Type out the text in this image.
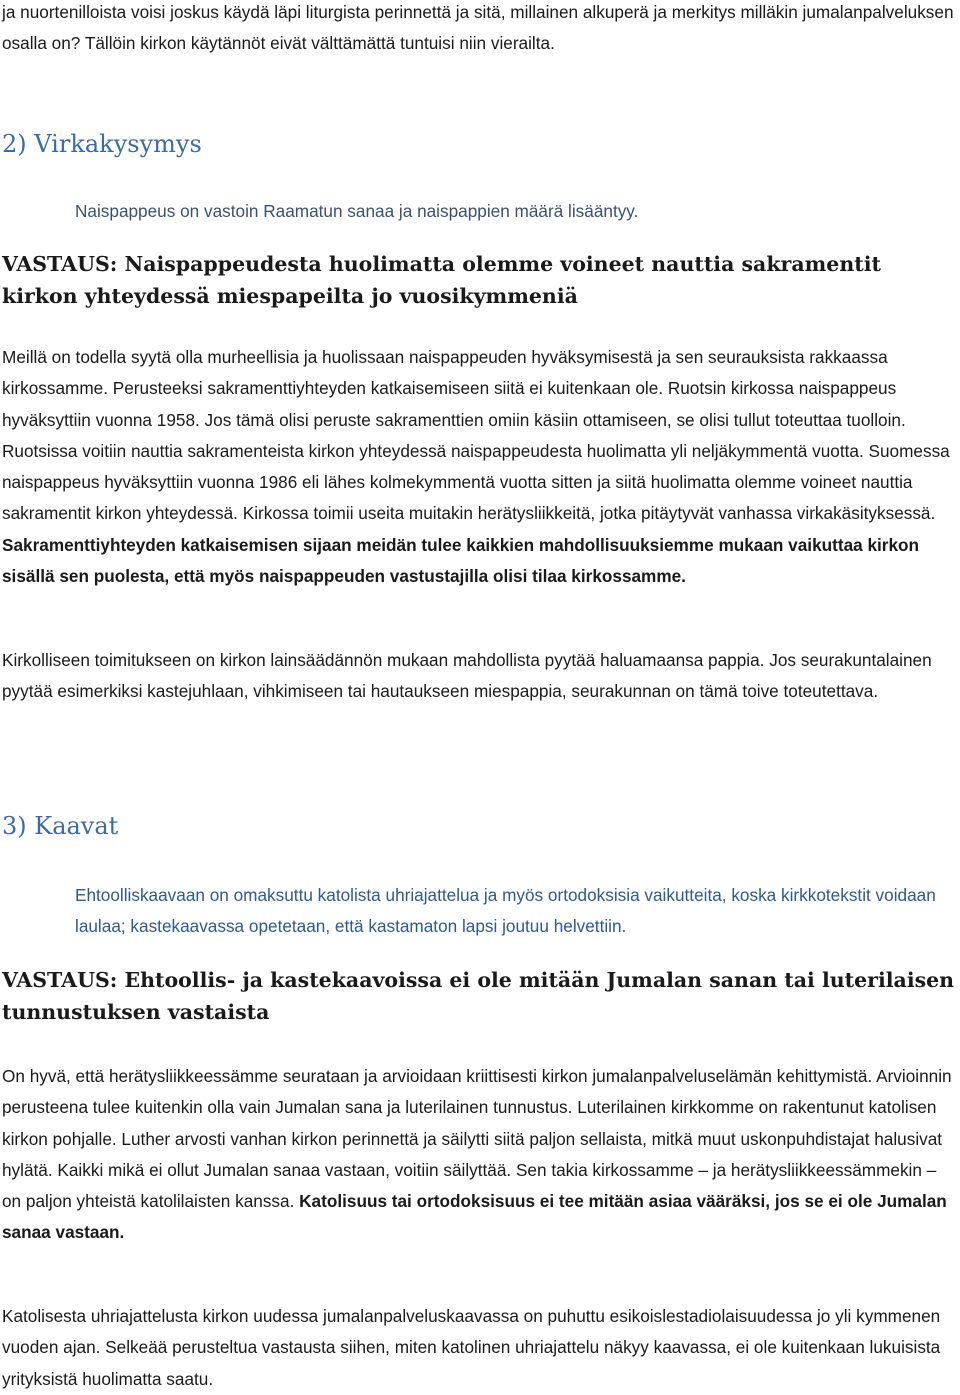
ja nuortenilloista voisi joskus käydä läpi liturgista perinnettä ja sitä, millainen alkuperä ja merkitys milläkin jumalanpalveluksen osalla on? Tällöin kirkon käytännöt eivät välttämättä tuntuisi niin vierailta.

2) Virkakysymys

Naispappeus on vastoin Raamatun sanaa ja naispappien määrä lisääntyy.

VASTAUS: Naispappeudesta huolimatta olemme voineet nauttia sakramentit kirkon yhteydessä miespapeilta jo vuosikymmeniä

Meillä on todella syytä olla murheellisia ja huolissaan naispappeuden hyväksymisestä ja sen seurauksista rakkaassa kirkossamme. Perusteeksi sakramenttiyhteyden katkaisemiseen siitä ei kuitenkaan ole. Ruotsin kirkossa naispappeus hyväksyttiin vuonna 1958. Jos tämä olisi peruste sakramenttien omiin käsiin ottamiseen, se olisi tullut toteuttaa tuolloin. Ruotsissa voitiin nauttia sakramenteista kirkon yhteydessä naispappeudesta huolimatta yli neljäkymmentä vuotta. Suomessa naispappeus hyväksyttiin vuonna 1986 eli lähes kolmekymmentä vuotta sitten ja siitä huolimatta olemme voineet nauttia sakramentit kirkon yhteydessä. Kirkossa toimii useita muitakin herätysliikkeitä, jotka pitäytyvät vanhassa virkakäsityksessä. Sakramenttiyhteyden katkaisemisen sijaan meidän tulee kaikkien mahdollisuuksiemme mukaan vaikuttaa kirkon sisällä sen puolesta, että myös naispappeuden vastustajilla olisi tilaa kirkossamme.

Kirkolliseen toimitukseen on kirkon lainsäädännön mukaan mahdollista pyytää haluamaansa pappia. Jos seurakuntalainen pyytää esimerkiksi kastejuhlaan, vihkimiseen tai hautaukseen miespappia, seurakunnan on tämä toive toteutettava.

3) Kaavat

Ehtoolliskaavaan on omaksuttu katolista uhriajattelua ja myös ortodoksisia vaikutteita, koska kirkkotekstit voidaan laulaa; kastekaavassa opetetaan, että kastamaton lapsi joutuu helvettiin.

VASTAUS: Ehtoollis- ja kastekaavoissa ei ole mitään Jumalan sanan tai luterilaisen tunnustuksen vastaista

On hyvä, että herätysliikkeessämme seurataan ja arvioidaan kriittisesti kirkon jumalanpalveluselämän kehittymistä. Arvioinnin perusteena tulee kuitenkin olla vain Jumalan sana ja luterilainen tunnustus. Luterilainen kirkkomme on rakentunut katolisen kirkon pohjalle. Luther arvosti vanhan kirkon perinnettä ja säilytti siitä paljon sellaista, mitkä muut uskonpuhdistajat halusivat hylätä. Kaikki mikä ei ollut Jumalan sanaa vastaan, voitiin säilyttää. Sen takia kirkossamme – ja herätysliikkeessämmekin – on paljon yhteistä katolilaisten kanssa. Katolisuus tai ortodoksisuus ei tee mitään asiaa vääräksi, jos se ei ole Jumalan sanaa vastaan.

Katolisesta uhriajattelusta kirkon uudessa jumalanpalveluskaavassa on puhuttu esikoislestadiolaisuudessa jo yli kymmenen vuoden ajan. Selkeää perusteltua vastausta siihen, miten katolinen uhriajattelu näkyy kaavassa, ei ole kuitenkaan lukuisista yrityksistä huolimatta saatu.
